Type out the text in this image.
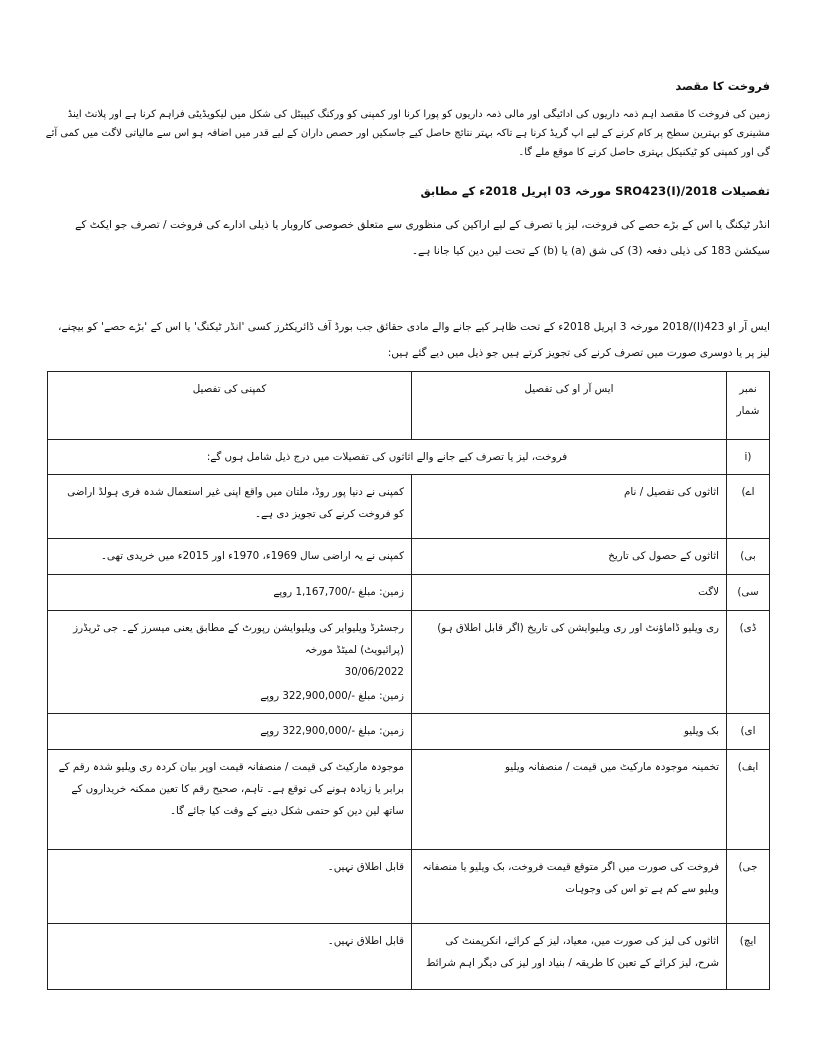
فروخت کا مقصد
زمین کی فروخت کا مقصد اہم ذمہ داریوں کی ادائیگی اور مالی ذمہ داریوں کو پورا کرنا اور کمپنی کو ورکنگ کیپیٹل کی شکل میں لیکویڈیٹی فراہم کرنا ہے اور پلانٹ اینڈ مشینری کو بہترین سطح پر کام کرنے کے لیے اپ گریڈ کرنا ہے تاکہ بہتر نتائج حاصل کیے جاسکیں اور حصص داران کے لیے قدر میں اضافہ ہو اس سے مالیاتی لاگت میں کمی آئے گی اور کمپنی کو ٹیکنیکل بہتری حاصل کرنے کا موقع ملے گا۔
تفصیلات SRO423(I)/2018 مورخہ 03 اپریل 2018ء کے مطابق
انڈر ٹیکنگ یا اس کے بڑے حصے کی فروخت، لیز یا تصرف کے لیے اراکین کی منظوری سے متعلق خصوصی کاروبار یا ذیلی ادارے کی فروخت / تصرف جو ایکٹ کے سیکشن 183 کی ذیلی دفعہ (3) کی شق (a) یا (b) کے تحت لین دین کیا جانا ہے۔
ایس آر او 423(I)/2018 مورخہ 3 اپریل 2018ء کے تحت ظاہر کیے جانے والے مادی حقائق جب بورڈ آف ڈائریکٹرز کسی 'انڈر ٹیکنگ' یا اس کے 'بڑے حصے' کو بیچنے، لیز پر یا دوسری صورت میں تصرف کرنے کی تجویز کرتے ہیں جو ذیل میں دیے گئے ہیں:
نمبر شمار	ایس آر او کی تفصیل	کمپنی کی تفصیل
(i	فروخت، لیز یا تصرف کیے جانے والے اثاثوں کی تفصیلات میں درج ذیل شامل ہوں گے:	
اے)	اثاثوں کی تفصیل / نام	کمپنی نے دنیا پور روڈ، ملتان میں واقع اپنی غیر استعمال شدہ فری ہولڈ اراضی کو فروخت کرنے کی تجویز دی ہے۔
بی)	اثاثوں کے حصول کی تاریخ	کمپنی نے یہ اراضی سال 1969ء، 1970ء اور 2015ء میں خریدی تھی۔
سی)	لاگت	زمین: مبلغ -/1,167,700 روپے
ڈی)	ری ویلیو ڈاماؤنٹ اور ری ویلیوایشن کی تاریخ (اگر قابل اطلاق ہو)	رجسٹرڈ ویلیوایر کی ویلیوایشن رپورٹ کے مطابق یعنی میسرز کے۔ جی ٹریڈرز (پرائیویٹ) لمیٹڈ مورخہ
30/06/2022
زمین: مبلغ -/322,900,000 روپے

ای)	بک ویلیو	زمین: مبلغ -/322,900,000 روپے
ایف)	تخمینہ موجودہ مارکیٹ میں قیمت / منصفانہ ویلیو	موجودہ مارکیٹ کی قیمت / منصفانہ قیمت اوپر بیان کردہ ری ویلیو شدہ رقم کے برابر یا زیادہ ہونے کی توقع ہے۔ تاہم، صحیح رقم کا تعین ممکنہ خریداروں کے ساتھ لین دین کو حتمی شکل دینے کے وقت کیا جائے گا۔
جی)	فروخت کی صورت میں اگر متوقع قیمت فروخت، بک ویلیو یا منصفانہ ویلیو سے کم ہے تو اس کی وجوہات	قابل اطلاق نہیں۔
ایچ)	اثاثوں کی لیز کی صورت میں، معیاد، لیز کے کرائے، انکریمنٹ کی شرح، لیز کرائے کے تعین کا طریقہ / بنیاد اور لیز کی دیگر اہم شرائط	قابل اطلاق نہیں۔
